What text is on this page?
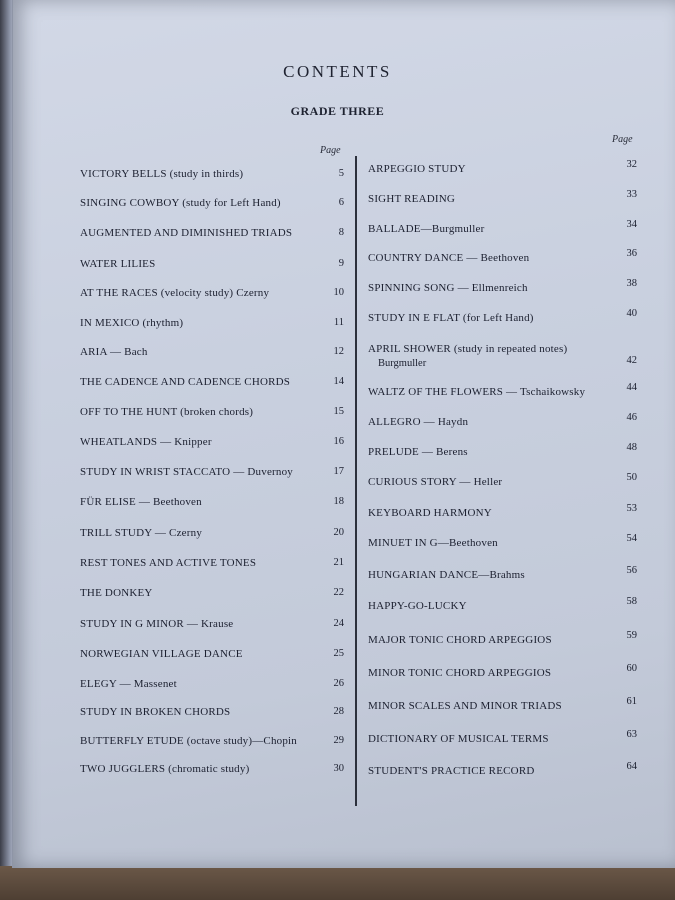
CONTENTS
GRADE THREE
Page
Page
VICTORY BELLS (study in thirds)	5
SINGING COWBOY (study for Left Hand)	6
AUGMENTED AND DIMINISHED TRIADS	8
WATER LILIES	9
AT THE RACES (velocity study) Czerny	10
IN MEXICO (rhythm)	11
ARIA — Bach	12
THE CADENCE AND CADENCE CHORDS	14
OFF TO THE HUNT (broken chords)	15
WHEATLANDS — Knipper	16
STUDY IN WRIST STACCATO — Duvernoy	17
FÜR ELISE — Beethoven	18
TRILL STUDY — Czerny	20
REST TONES AND ACTIVE TONES	21
THE DONKEY	22
STUDY IN G MINOR — Krause	24
NORWEGIAN VILLAGE DANCE	25
ELEGY — Massenet	26
STUDY IN BROKEN CHORDS	28
BUTTERFLY ETUDE (octave study)—Chopin	29
TWO JUGGLERS (chromatic study)	30
ARPEGGIO STUDY	32
SIGHT READING	33
BALLADE—Burgmuller	34
COUNTRY DANCE — Beethoven	36
SPINNING SONG — Ellmenreich	38
STUDY IN E FLAT (for Left Hand)	40
APRIL SHOWER (study in repeated notes)
Burgmuller	42
WALTZ OF THE FLOWERS — Tschaikowsky	44
ALLEGRO — Haydn	46
PRELUDE — Berens	48
CURIOUS STORY — Heller	50
KEYBOARD HARMONY	53
MINUET IN G—Beethoven	54
HUNGARIAN DANCE—Brahms	56
HAPPY-GO-LUCKY	58
MAJOR TONIC CHORD ARPEGGIOS	59
MINOR TONIC CHORD ARPEGGIOS	60
MINOR SCALES AND MINOR TRIADS	61
DICTIONARY OF MUSICAL TERMS	63
STUDENT'S PRACTICE RECORD	64
